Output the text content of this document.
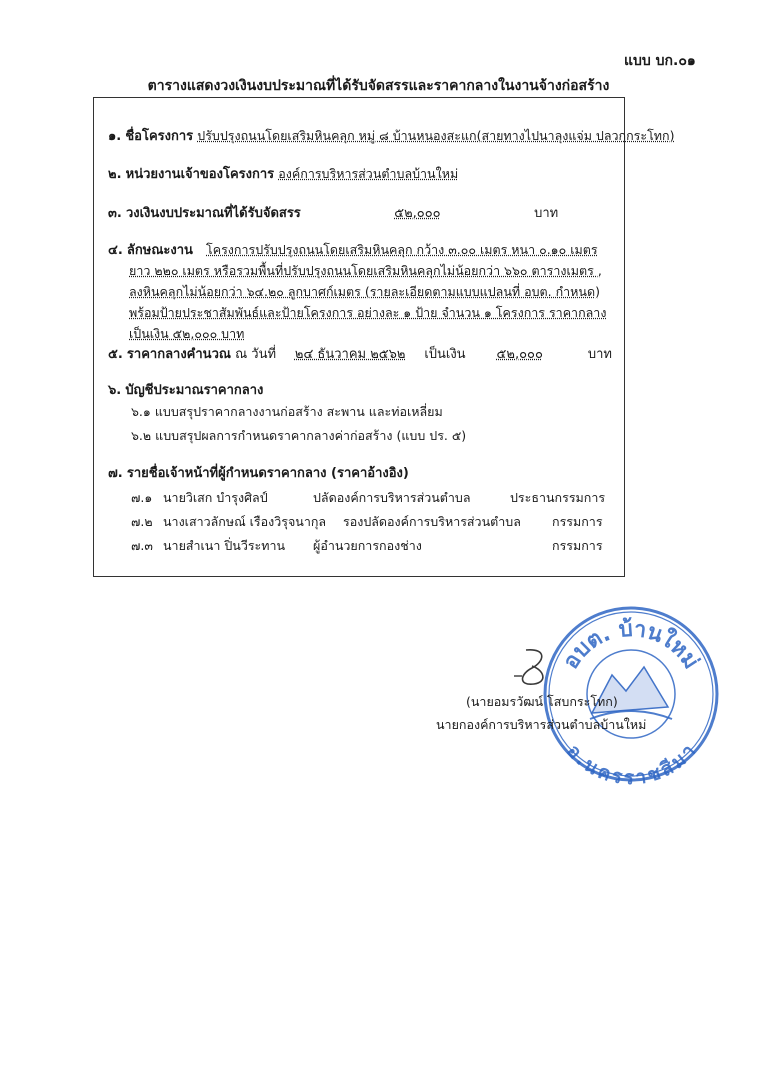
แบบ บก.๐๑
ตารางแสดงวงเงินงบประมาณที่ได้รับจัดสรรและราคากลางในงานจ้างก่อสร้าง
๑. ชื่อโครงการ ปรับปรุงถนนโดยเสริมหินคลุก หมู่ ๘ บ้านหนองสะแก(สายทางไปนาลุงแจ่ม ปลวกกระโทก)
๒. หน่วยงานเจ้าของโครงการ องค์การบริหารส่วนตำบลบ้านใหม่
๓. วงเงินงบประมาณที่ได้รับจัดสรร	๕๒,๐๐๐	บาท
๔. ลักษณะงาน	โครงการปรับปรุงถนนโดยเสริมหินคลุก กว้าง ๓.๐๐ เมตร หนา ๐.๑๐ เมตร ยาว ๒๒๐ เมตร หรือรวมพื้นที่ปรับปรุงถนนโดยเสริมหินคลุกไม่น้อยกว่า ๖๖๐ ตารางเมตร , ลงหินคลุกไม่น้อยกว่า ๖๔.๒๐ ลูกบาศก์เมตร (รายละเอียดตามแบบแปลนที่ อบต. กำหนด) พร้อมป้ายประชาสัมพันธ์และป้ายโครงการ อย่างละ ๑ ป้าย จำนวน ๑ โครงการ ราคากลางเป็นเงิน ๕๒,๐๐๐ บาท
๕. ราคากลางคำนวณ ณ วันที่ ๒๔ ธันวาคม ๒๕๖๒ เป็นเงิน ๕๒,๐๐๐	บาท
๖. บัญชีประมาณราคากลาง
๖.๑ แบบสรุปราคากลางงานก่อสร้าง สะพาน และท่อเหลี่ยม
๖.๒ แบบสรุปผลการกำหนดราคากลางค่าก่อสร้าง (แบบ ปร. ๕)
๗. รายชื่อเจ้าหน้าที่ผู้กำหนดราคากลาง (ราคาอ้างอิง)
๗.๑ นายวิเสก บำรุงศิลป์	ปลัดองค์การบริหารส่วนตำบล	ประธานกรรมการ
๗.๒ นางเสาวลักษณ์ เรืองวิรุจนากุล รองปลัดองค์การบริหารส่วนตำบล กรรมการ
๗.๓ นายสำเนา ปิ่นวีระทาน ผู้อำนวยการกองช่าง	กรรมการ
อบต. บ้านใหม่
อ.นครราชสีมา
(นายอมรวัฒน์ โสบกระโทก)
นายกองค์การบริหารส่วนตำบลบ้านใหม่
